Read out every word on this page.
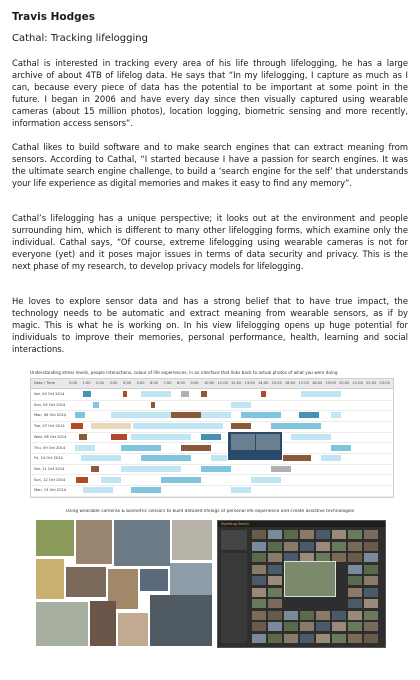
Travis Hodges
Cathal: Tracking lifelogging
Cathal is interested in tracking every area of his life through lifelogging, he has a large archive of about 4TB of lifelog data. He says that “In my lifelogging, I capture as much as I can, because every piece of data has the potential to be important at some point in the future. I began in 2006 and have every day since then visually captured using wearable cameras (about 15 million photos), location logging, biometric sensing and more recently, information access sensors”.
Cathal likes to build software and to make search engines that can extract meaning from sensors. According to Cathal, “I started because I have a passion for search engines. It was the ultimate search engine challenge, to build a ‘search engine for the self’ that understands your life experience as digital memories and makes it easy to find any memory”.
Cathal’s lifelogging has a unique perspective; it looks out at the environment and people surrounding him, which is different to many other lifelogging forms, which examine only the individual. Cathal says, “Of course, extreme lifelogging using wearable cameras is not for everyone (yet) and it poses major issues in terms of data security and privacy. This is the next phase of my research, to develop privacy models for lifelogging.
He loves to explore sensor data and has a strong belief that to have true impact, the technology needs to be automatic and extract meaning from wearable sensors, as if by magic. This is what he is working on. In his view lifelogging opens up huge potential for individuals to improve their memories, personal performance, health, learning and social interactions.
Understanding stress levels, people interactions, colour of life experiences, in an interface that links back to actual photos of what you were doing
Date / Time	0:00 1:00 2:00 3:00 4:00 5:00 6:00 7:00 8:00 9:00 10:00 11:00 12:00 13:00 14:00 15:00 16:00 17:00 18:00 19:00 20:00 21:00 22:00 23:00
Sat, 04 Oct 2014
Sun, 05 Oct 2014
Mon, 06 Oct 2014
Tue, 07 Oct 2014
Wed, 08 Oct 2014
Thu, 09 Oct 2014
Fri, 10 Oct 2014
Sat, 11 Oct 2014
Sun, 12 Oct 2014
Mon, 13 Oct 2014
Using wearable cameras & biometric sensors to build detailed lifelogs of personal life experience and create assistive technologies
MyLifeLog Search
